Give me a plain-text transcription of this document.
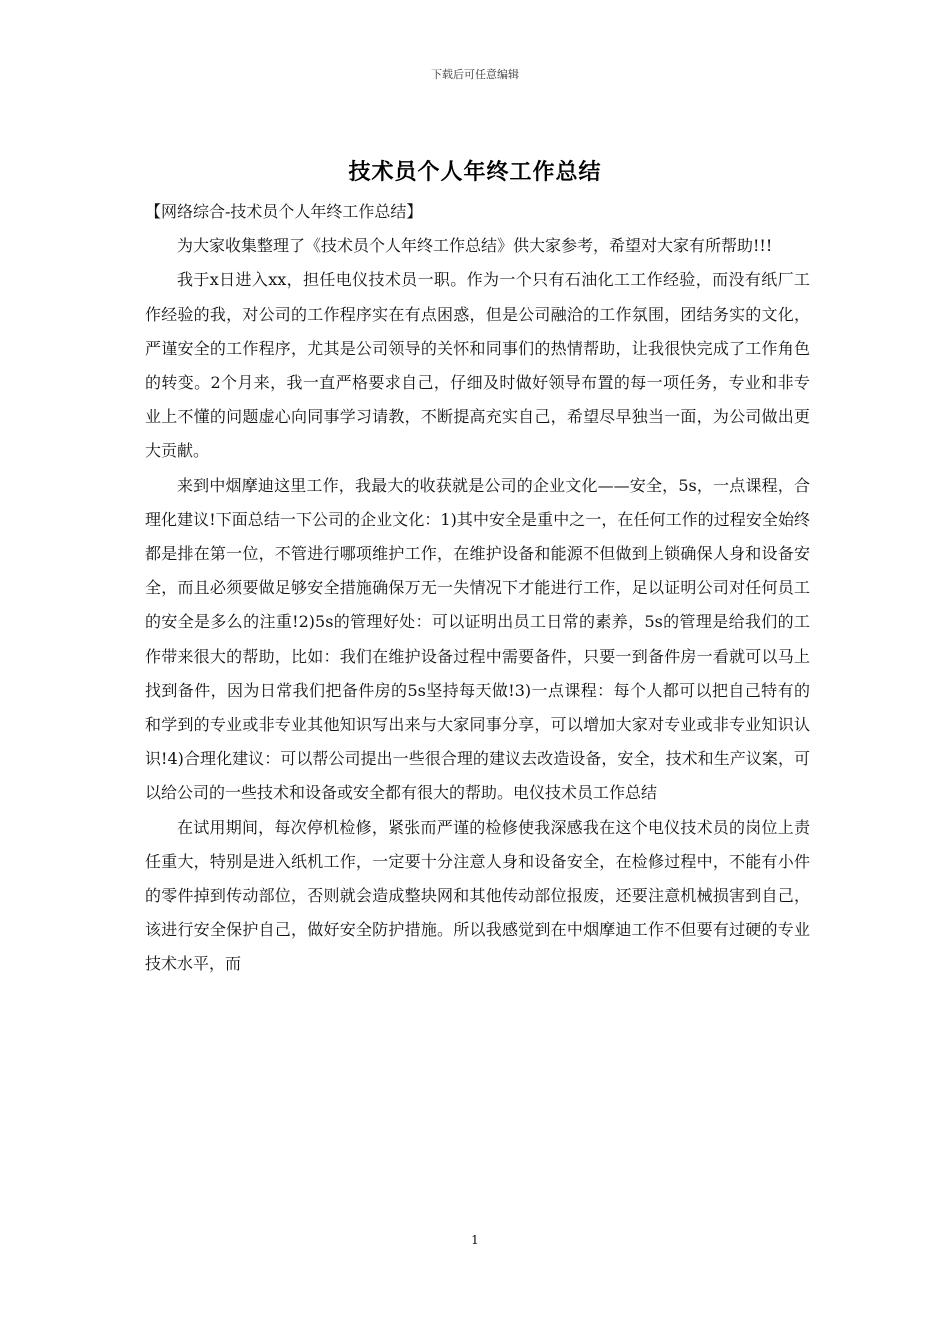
下载后可任意编辑
技术员个人年终工作总结

【网络综合-技术员个人年终工作总结】

为大家收集整理了《技术员个人年终工作总结》供大家参考，希望对大家有所帮助!!!

我于x日进入xx，担任电仪技术员一职。作为一个只有石油化工工作经验，而没有纸厂工作经验的我，对公司的工作程序实在有点困惑，但是公司融洽的工作氛围，团结务实的文化，严谨安全的工作程序，尤其是公司领导的关怀和同事们的热情帮助，让我很快完成了工作角色的转变。2个月来，我一直严格要求自己，仔细及时做好领导布置的每一项任务，专业和非专业上不懂的问题虚心向同事学习请教，不断提高充实自己，希望尽早独当一面，为公司做出更大贡献。

来到中烟摩迪这里工作，我最大的收获就是公司的企业文化——安全，5s，一点课程，合理化建议!下面总结一下公司的企业文化：1)其中安全是重中之一，在任何工作的过程安全始终都是排在第一位，不管进行哪项维护工作，在维护设备和能源不但做到上锁确保人身和设备安全，而且必须要做足够安全措施确保万无一失情况下才能进行工作，足以证明公司对任何员工的安全是多么的注重!2)5s的管理好处：可以证明出员工日常的素养，5s的管理是给我们的工作带来很大的帮助，比如：我们在维护设备过程中需要备件，只要一到备件房一看就可以马上找到备件，因为日常我们把备件房的5s坚持每天做!3)一点课程：每个人都可以把自己特有的和学到的专业或非专业其他知识写出来与大家同事分享，可以增加大家对专业或非专业知识认识!4)合理化建议：可以帮公司提出一些很合理的建议去改造设备，安全，技术和生产议案，可以给公司的一些技术和设备或安全都有很大的帮助。电仪技术员工作总结

在试用期间，每次停机检修，紧张而严谨的检修使我深感我在这个电仪技术员的岗位上责任重大，特别是进入纸机工作，一定要十分注意人身和设备安全，在检修过程中，不能有小件的零件掉到传动部位，否则就会造成整块网和其他传动部位报废，还要注意机械损害到自己，该进行安全保护自己，做好安全防护措施。所以我感觉到在中烟摩迪工作不但要有过硬的专业技术水平，而

1
